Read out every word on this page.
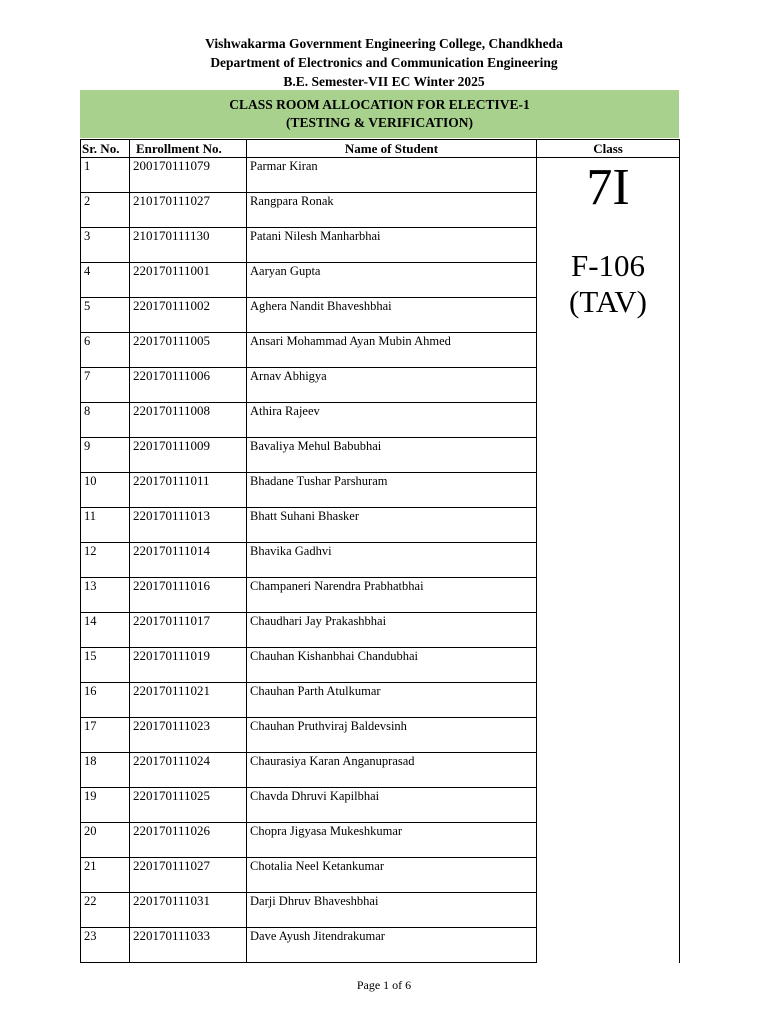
Vishwakarma Government Engineering College, Chandkheda
Department of Electronics and Communication Engineering
B.E. Semester-VII EC Winter 2025
CLASS ROOM ALLOCATION FOR ELECTIVE-1
(TESTING & VERIFICATION)
Sr. No.	Enrollment No.	Name of Student	Class
1	200170111079	Parmar Kiran	7I
F-106
(TAV)

2	210170111027	Rangpara Ronak	
3	210170111130	Patani Nilesh Manharbhai	
4	220170111001	Aaryan Gupta	
5	220170111002	Aghera Nandit Bhaveshbhai	
6	220170111005	Ansari Mohammad Ayan Mubin Ahmed	
7	220170111006	Arnav Abhigya	
8	220170111008	Athira Rajeev	
9	220170111009	Bavaliya Mehul Babubhai	
10	220170111011	Bhadane Tushar Parshuram	
11	220170111013	Bhatt Suhani Bhasker	
12	220170111014	Bhavika Gadhvi	
13	220170111016	Champaneri Narendra Prabhatbhai	
14	220170111017	Chaudhari Jay Prakashbhai	
15	220170111019	Chauhan Kishanbhai Chandubhai	
16	220170111021	Chauhan Parth Atulkumar	
17	220170111023	Chauhan Pruthviraj Baldevsinh	
18	220170111024	Chaurasiya Karan Anganuprasad	
19	220170111025	Chavda Dhruvi Kapilbhai	
20	220170111026	Chopra Jigyasa Mukeshkumar	
21	220170111027	Chotalia Neel Ketankumar	
22	220170111031	Darji Dhruv Bhaveshbhai	
23	220170111033	Dave Ayush Jitendrakumar	
Page 1 of 6
